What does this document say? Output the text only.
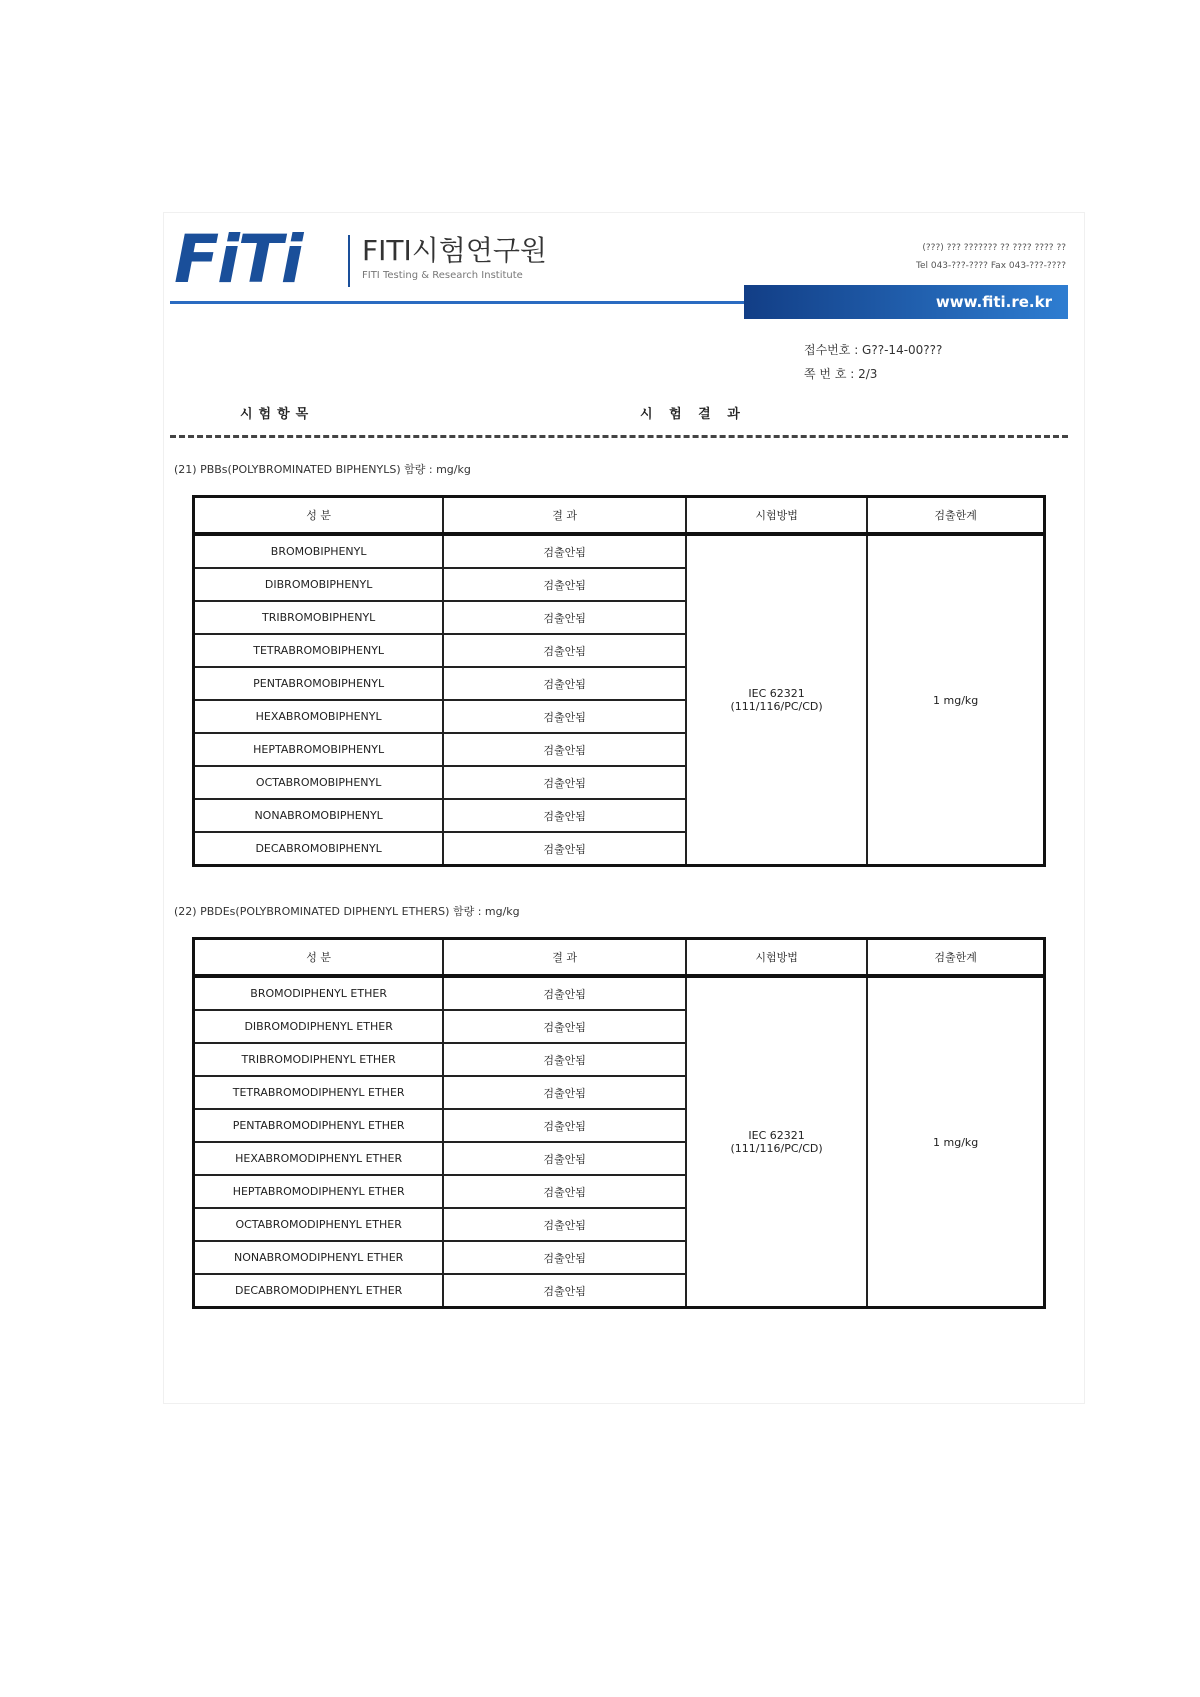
FiTi FITI시험연구원
FITI Testing & Research Institute
(???) ??? ??????? ?? ???? ???? ??
Tel 043-???-???? Fax 043-???-????
www.fiti.re.kr
접수번호 : G??-14-00???
쪽 번 호 : 2/3
시험항목	시 험 결 과
(21) PBBs(POLYBROMINATED BIPHENYLS) 함량 : mg/kg
성 분	결 과	시험방법	검출한계
BROMOBIPHENYL	검출안됨	IEC 62321 (111/116/PC/CD)	1 mg/kg
DIBROMOBIPHENYL	검출안됨		
TRIBROMOBIPHENYL	검출안됨		
TETRABROMOBIPHENYL	검출안됨		
PENTABROMOBIPHENYL	검출안됨		
HEXABROMOBIPHENYL	검출안됨		
HEPTABROMOBIPHENYL	검출안됨		
OCTABROMOBIPHENYL	검출안됨		
NONABROMOBIPHENYL	검출안됨		
DECABROMOBIPHENYL	검출안됨		
(22) PBDEs(POLYBROMINATED DIPHENYL ETHERS) 함량 : mg/kg
성 분	결 과	시험방법	검출한계
BROMODIPHENYL ETHER	검출안됨	IEC 62321 (111/116/PC/CD)	1 mg/kg
DIBROMODIPHENYL ETHER	검출안됨		
TRIBROMODIPHENYL ETHER	검출안됨		
TETRABROMODIPHENYL ETHER	검출안됨		
PENTABROMODIPHENYL ETHER	검출안됨		
HEXABROMODIPHENYL ETHER	검출안됨		
HEPTABROMODIPHENYL ETHER	검출안됨		
OCTABROMODIPHENYL ETHER	검출안됨		
NONABROMODIPHENYL ETHER	검출안됨		
DECABROMODIPHENYL ETHER	검출안됨		
